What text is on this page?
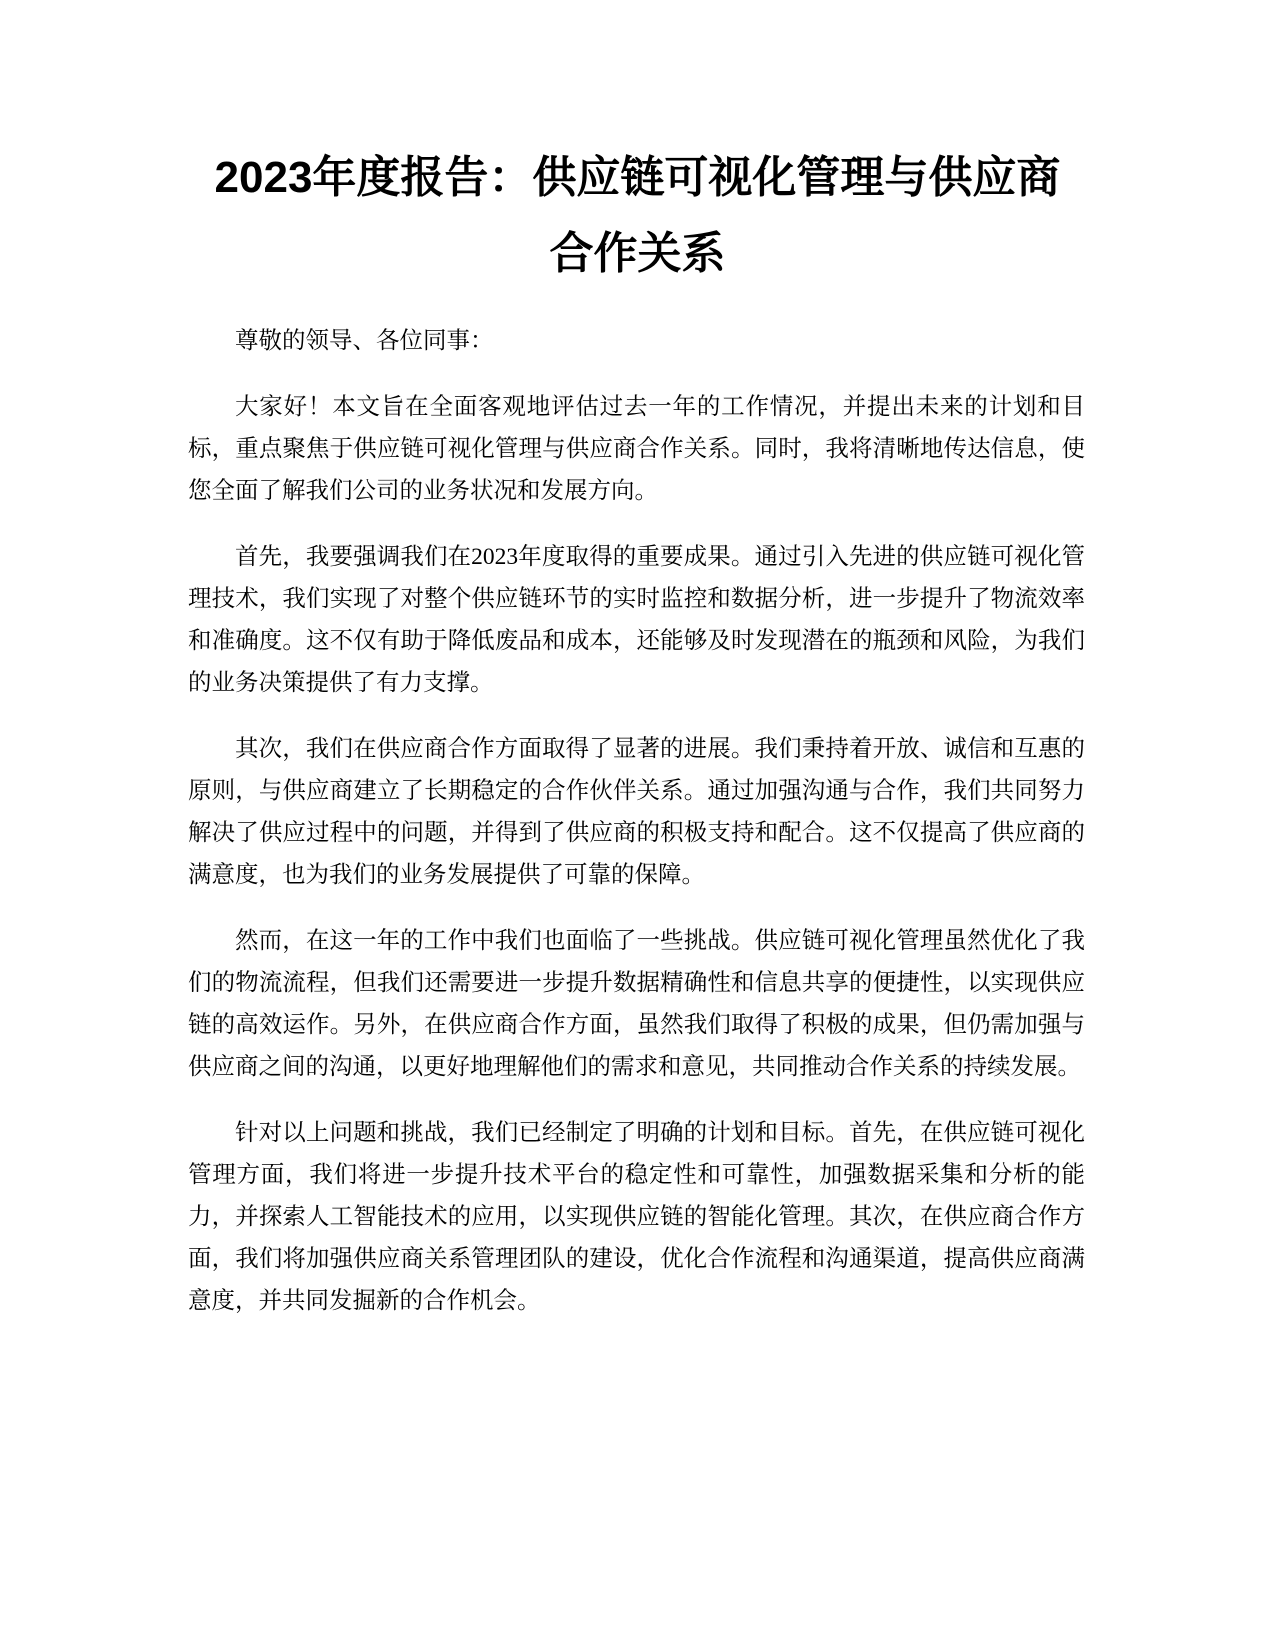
2023年度报告：供应链可视化管理与供应商
合作关系

尊敬的领导、各位同事：

大家好！本文旨在全面客观地评估过去一年的工作情况，并提出未来的计划和目标，重点聚焦于供应链可视化管理与供应商合作关系。同时，我将清晰地传达信息，使您全面了解我们公司的业务状况和发展方向。

首先，我要强调我们在2023年度取得的重要成果。通过引入先进的供应链可视化管理技术，我们实现了对整个供应链环节的实时监控和数据分析，进一步提升了物流效率和准确度。这不仅有助于降低废品和成本，还能够及时发现潜在的瓶颈和风险，为我们的业务决策提供了有力支撑。

其次，我们在供应商合作方面取得了显著的进展。我们秉持着开放、诚信和互惠的原则，与供应商建立了长期稳定的合作伙伴关系。通过加强沟通与合作，我们共同努力解决了供应过程中的问题，并得到了供应商的积极支持和配合。这不仅提高了供应商的满意度，也为我们的业务发展提供了可靠的保障。

然而，在这一年的工作中我们也面临了一些挑战。供应链可视化管理虽然优化了我们的物流流程，但我们还需要进一步提升数据精确性和信息共享的便捷性，以实现供应链的高效运作。另外，在供应商合作方面，虽然我们取得了积极的成果，但仍需加强与供应商之间的沟通，以更好地理解他们的需求和意见，共同推动合作关系的持续发展。

针对以上问题和挑战，我们已经制定了明确的计划和目标。首先，在供应链可视化管理方面，我们将进一步提升技术平台的稳定性和可靠性，加强数据采集和分析的能力，并探索人工智能技术的应用，以实现供应链的智能化管理。其次，在供应商合作方面，我们将加强供应商关系管理团队的建设，优化合作流程和沟通渠道，提高供应商满意度，并共同发掘新的合作机会。
